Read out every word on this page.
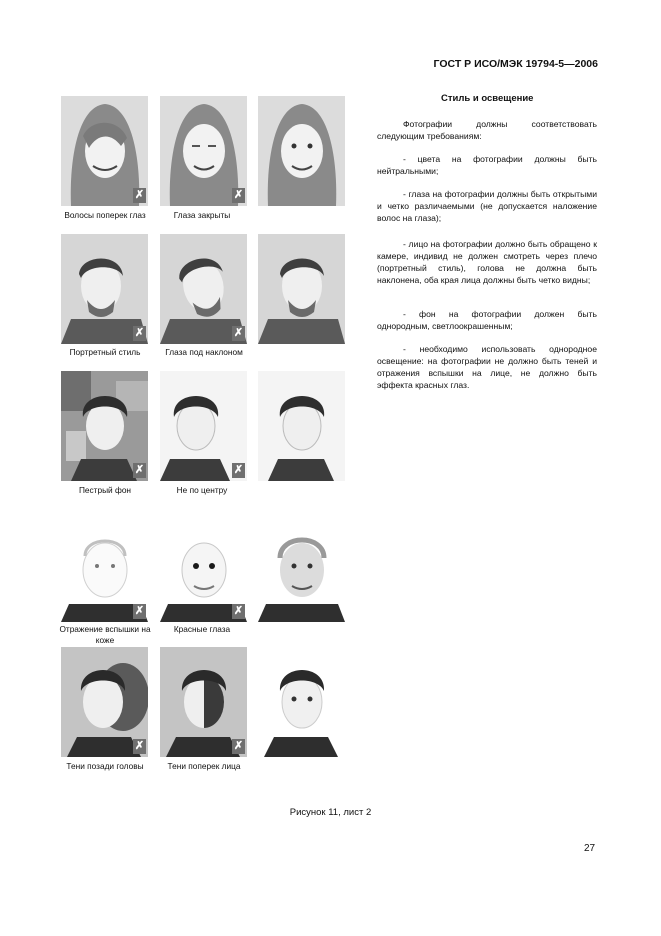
ГОСТ Р ИСО/МЭК 19794-5—2006
Стиль и освещение

Фотографии должны соответствовать следующим требованиям:

- цвета на фотографии должны быть нейтральными;

- глаза на фотографии должны быть открытыми и четко различаемыми (не допускается наложение волос на глаза);

- лицо на фотографии должно быть обращено к камере, индивид не должен смотреть через плечо (портретный стиль), голова не должна быть наклонена, оба края лица должны быть четко видны;

- фон на фотографии должен быть однородным, светлоокрашенным;

- необходимо использовать однородное освещение: на фотографии не должно быть теней и отражения вспышки на лице, не должно быть эффекта красных глаз.

✗	✗
Волосы поперек глаз	Глаза закрыты
✗	✗
Портретный стиль	Глаза под наклоном
✗	✗
Пестрый фон	Не по центру
✗	✗
Отражение вспышки на коже
Красные глаза
✗	✗
Тени позади головы	Тени поперек лица
Рисунок 11, лист 2
27
